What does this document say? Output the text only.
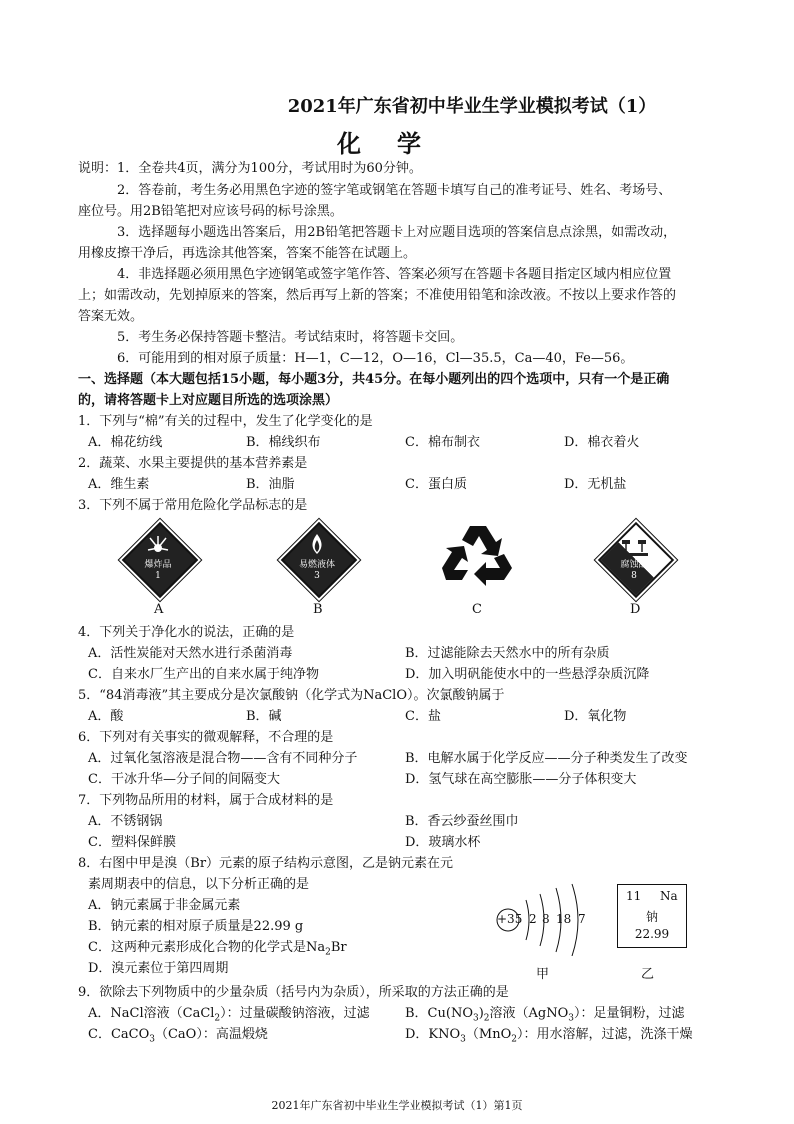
2021年广东省初中毕业生学业模拟考试（1）
化学
说明：1．全卷共4页，满分为100分，考试用时为60分钟。
2．答卷前，考生务必用黑色字迹的签字笔或钢笔在答题卡填写自己的准考证号、姓名、考场号、
座位号。用2B铅笔把对应该号码的标号涂黑。
3．选择题每小题选出答案后，用2B铅笔把答题卡上对应题目选项的答案信息点涂黑，如需改动，
用橡皮擦干净后，再选涂其他答案，答案不能答在试题上。
4．非选择题必须用黑色字迹钢笔或签字笔作答、答案必须写在答题卡各题目指定区域内相应位置
上；如需改动，先划掉原来的答案，然后再写上新的答案；不准使用铅笔和涂改液。不按以上要求作答的
答案无效。
5．考生务必保持答题卡整洁。考试结束时，将答题卡交回。
6．可能用到的相对原子质量：H—1，C—12，O—16，Cl—35.5，Ca—40，Fe—56。
一、选择题（本大题包括15小题，每小题3分，共45分。在每小题列出的四个选项中，只有一个是正确
的，请将答题卡上对应题目所选的选项涂黑）
1．下列与“棉”有关的过程中，发生了化学变化的是
A．棉花纺线	B．棉线织布	C．棉布制衣	D．棉衣着火
2．蔬菜、水果主要提供的基本营养素是
A．维生素	B．油脂	C．蛋白质	D．无机盐
3．下列不属于常用危险化学品标志的是
爆炸品
1
易燃液体
3
腐蚀品
8
A	B	C	D
4．下列关于净化水的说法，正确的是
A．活性炭能对天然水进行杀菌消毒	B．过滤能除去天然水中的所有杂质
C．自来水厂生产出的自来水属于纯净物	D．加入明矾能使水中的一些悬浮杂质沉降
5．“84消毒液”其主要成分是次氯酸钠（化学式为NaClO）。次氯酸钠属于
A．酸	B．碱	C．盐	D．氧化物
6．下列对有关事实的微观解释，不合理的是
A．过氧化氢溶液是混合物——含有不同种分子	B．电解水属于化学反应——分子种类发生了改变
C．干冰升华—分子间的间隔变大	D．氢气球在高空膨胀——分子体积变大
7．下列物品所用的材料，属于合成材料的是
A．不锈钢锅	B．香云纱蚕丝围巾
C．塑料保鲜膜	D．玻璃水杯
8．右图中甲是溴（Br）元素的原子结构示意图，乙是钠元素在元
素周期表中的信息，以下分析正确的是
A．钠元素属于非金属元素
B．钠元素的相对原子质量是22.99 g
C．这两种元素形成化合物的化学式是$Na_2Br$
D．溴元素位于第四周期
+35 2 8 18 7
甲
11 Na
钠
22.99
乙
9．欲除去下列物质中的少量杂质（括号内为杂质），所采取的方法正确的是
A．NaCl溶液（CaCl$_2$）：过量碳酸钠溶液，过滤	B．$Cu(NO_3)_2$溶液（AgNO$_3$）：足量铜粉，过滤
C．CaCO$_3$（CaO）：高温煅烧	D．$KNO_3(MnO_2)$：用水溶解，过滤，洗涤干燥
2021年广东省初中毕业生学业模拟考试（1）第1页
